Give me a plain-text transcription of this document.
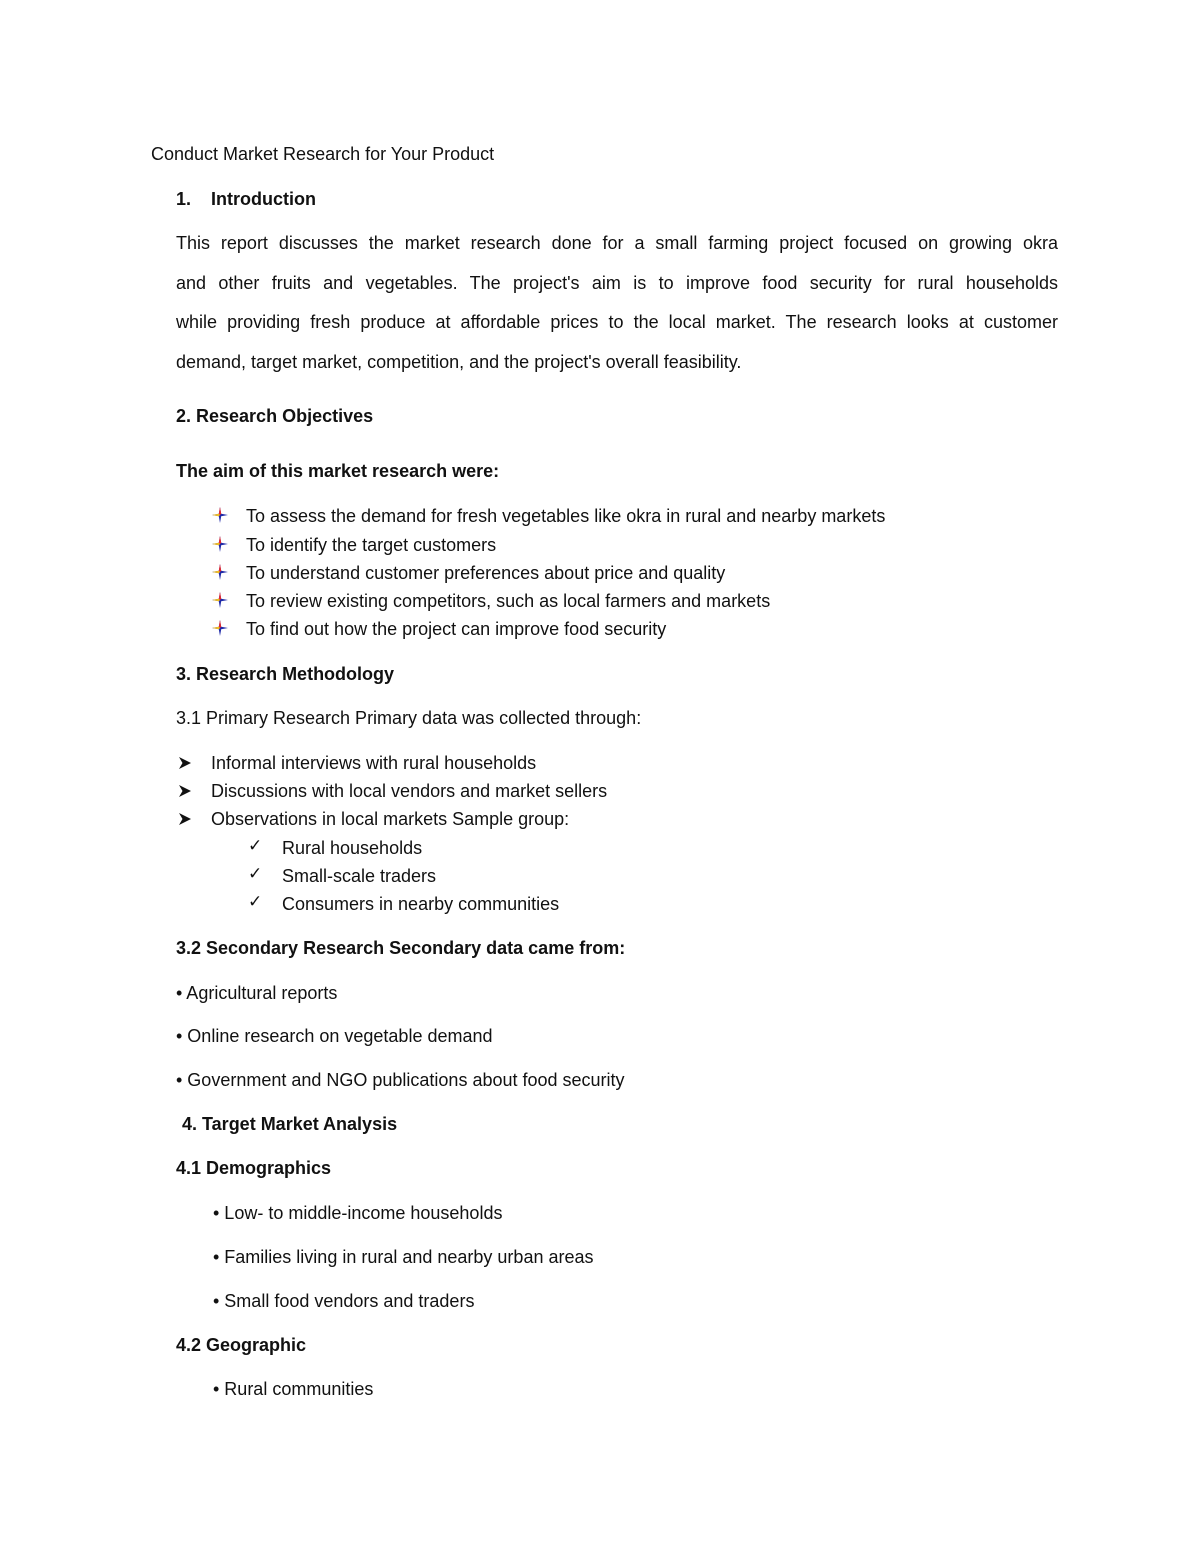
Conduct Market Research for Your Product

1. Introduction

This report discusses the market research done for a small farming project focused on growing okra

and other fruits and vegetables. The project's aim is to improve food security for rural households

while providing fresh produce at affordable prices to the local market. The research looks at customer

demand, target market, competition, and the project's overall feasibility.

2. Research Objectives

The aim of this market research were:

To assess the demand for fresh vegetables like okra in rural and nearby markets

To identify the target customers

To understand customer preferences about price and quality

To review existing competitors, such as local farmers and markets

To find out how the project can improve food security

3. Research Methodology

3.1 Primary Research Primary data was collected through:

Informal interviews with rural households

Discussions with local vendors and market sellers

Observations in local markets Sample group:

✓ Rural households

✓ Small-scale traders

✓ Consumers in nearby communities

3.2 Secondary Research Secondary data came from:

• Agricultural reports

• Online research on vegetable demand

• Government and NGO publications about food security

4. Target Market Analysis

4.1 Demographics

• Low- to middle-income households

• Families living in rural and nearby urban areas

• Small food vendors and traders

4.2 Geographic

• Rural communities
